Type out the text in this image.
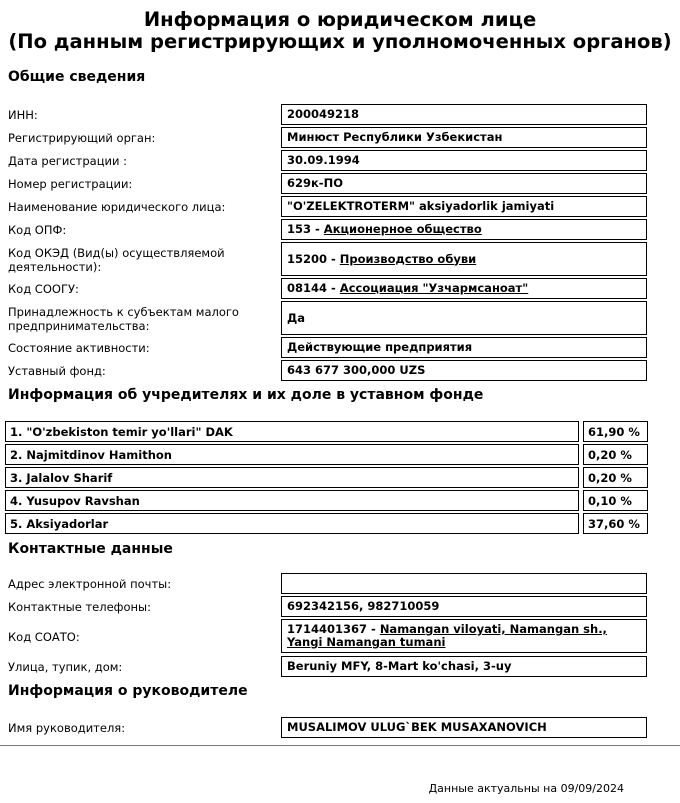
Информация о юридическом лице
(По данным регистрирующих и уполномоченных органов)
Общие сведения
ИНН:	200049218
Регистрирующий орган:	Минюст Республики Узбекистан
Дата регистрации :	30.09.1994
Номер регистрации:	629к-ПО
Наименование юридического лица:	"O'ZELEKTROTERM" aksiyadorlik jamiyati
Код ОПФ:	153 - Акционерное общество
Код ОКЭД (Вид(ы) осуществляемой деятельности):
15200 - Производство обуви
Код СООГУ:	08144 - Ассоциация "Узчармсаноат"
Принадлежность к субъектам малого предпринимательства:
Да
Состояние активности:	Действующие предприятия
Уставный фонд:	643 677 300,000 UZS
Информация об учредителях и их доле в уставном фонде
1. "O'zbekiston temir yo'llari" DAK	61,90 %
2. Najmitdinov Hamithon	0,20 %
3. Jalalov Sharif	0,20 %
4. Yusupov Ravshan	0,10 %
5. Aksiyadorlar	37,60 %
Контактные данные
Адрес электронной почты:
Контактные телефоны:	692342156, 982710059
Код СОАТО:
1714401367 - Namangan viloyati, Namangan sh., Yangi Namangan tumani
Улица, тупик, дом:	Beruniy MFY, 8-Mart ko'chasi, 3-uy
Информация о руководителе
Имя руководителя:	MUSALIMOV ULUG`BEK MUSAXANOVICH
Данные актуальны на 09/09/2024
